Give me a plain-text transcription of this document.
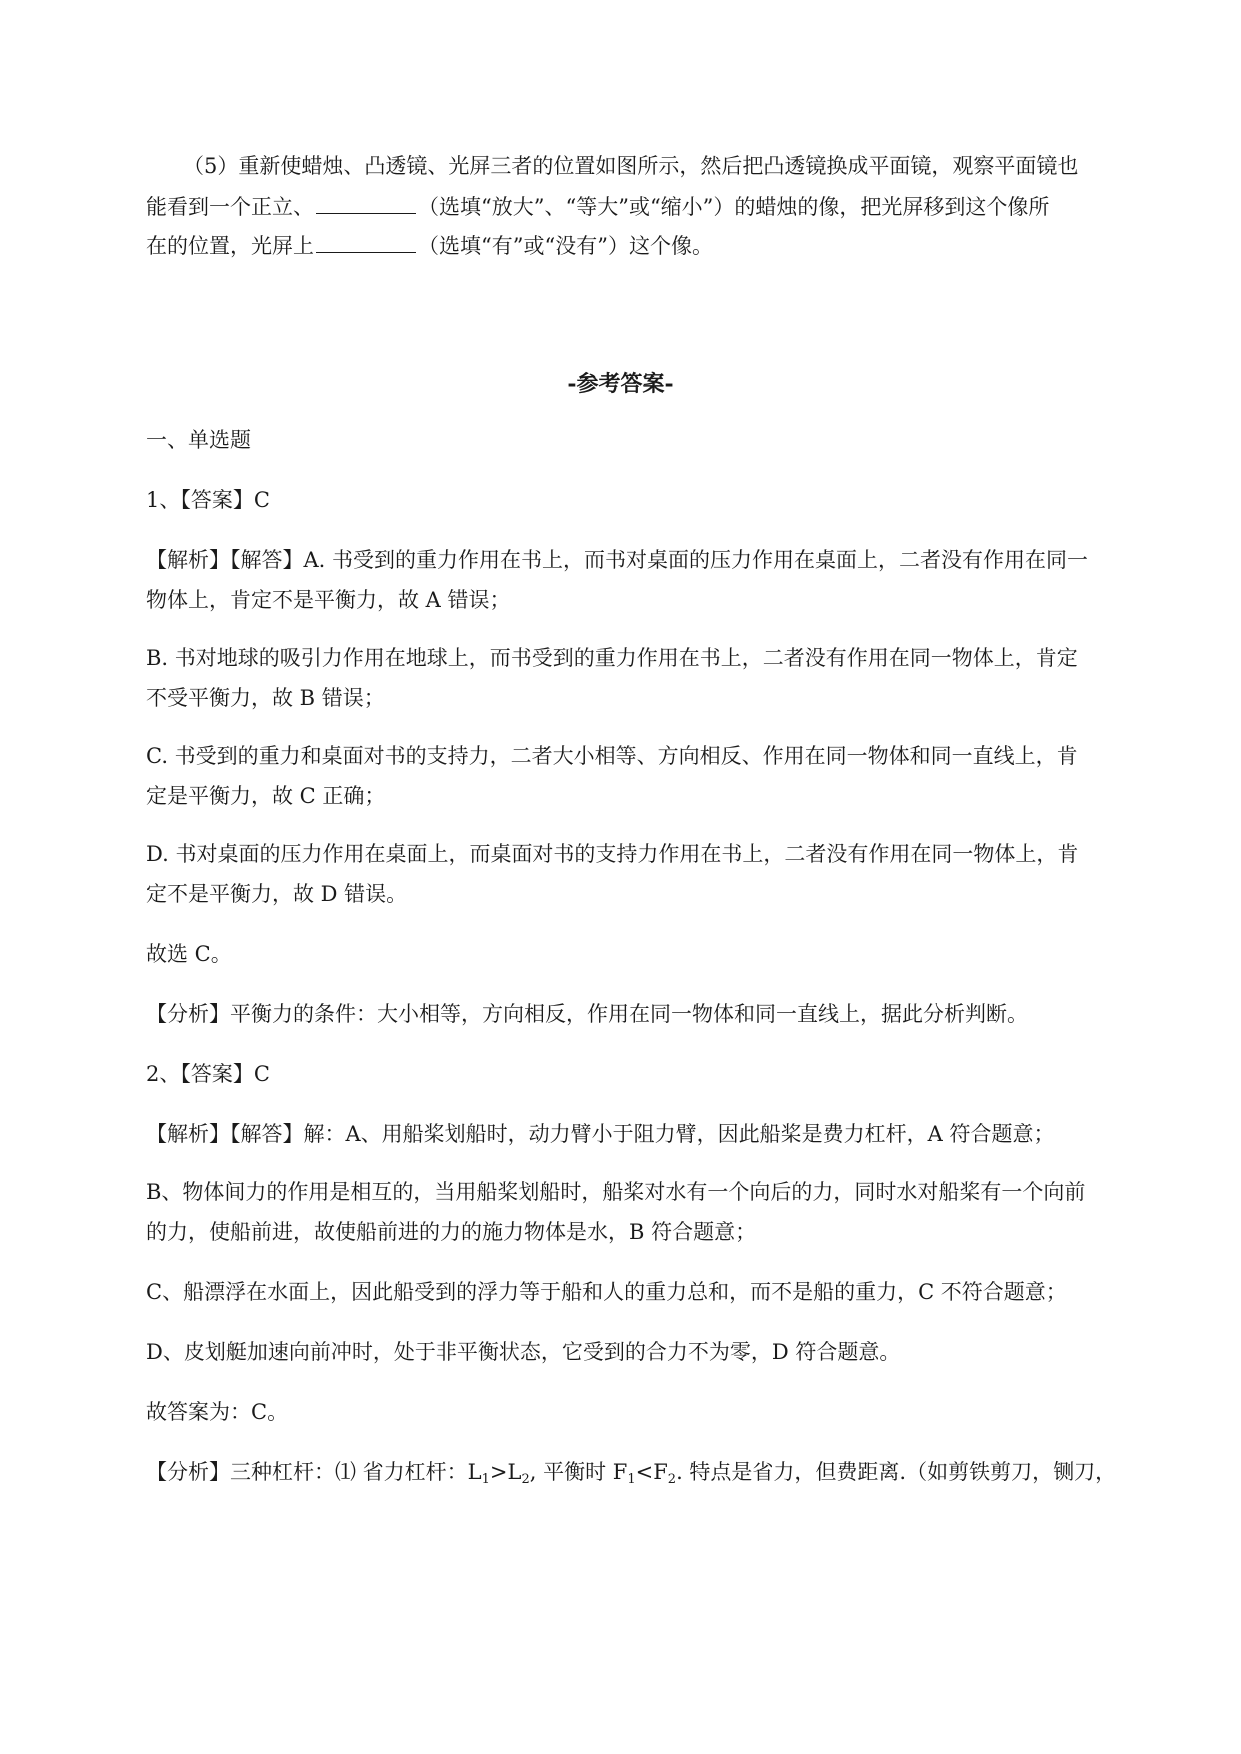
（5）重新使蜡烛、凸透镜、光屏三者的位置如图所示，然后把凸透镜换成平面镜，观察平面镜也

能看到一个正立、	（选填“放大”、“等大”或“缩小”）的蜡烛的像，把光屏移到这个像所

在的位置，光屏上	（选填“有”或“没有”）这个像。

-参考答案-

一、单选题

1、【答案】C

【解析】【解答】A. 书受到的重力作用在书上，而书对桌面的压力作用在桌面上，二者没有作用在同一

物体上，肯定不是平衡力，故 A 错误；

B. 书对地球的吸引力作用在地球上，而书受到的重力作用在书上，二者没有作用在同一物体上，肯定

不受平衡力，故 B 错误；

C. 书受到的重力和桌面对书的支持力，二者大小相等、方向相反、作用在同一物体和同一直线上，肯

定是平衡力，故 C 正确；

D. 书对桌面的压力作用在桌面上，而桌面对书的支持力作用在书上，二者没有作用在同一物体上，肯

定不是平衡力，故 D 错误。

故选 C。

【分析】平衡力的条件：大小相等，方向相反，作用在同一物体和同一直线上，据此分析判断。

2、【答案】C

【解析】【解答】解：A、用船桨划船时，动力臂小于阻力臂，因此船桨是费力杠杆，A 符合题意；

B、物体间力的作用是相互的，当用船桨划船时，船桨对水有一个向后的力，同时水对船桨有一个向前

的力，使船前进，故使船前进的力的施力物体是水，B 符合题意；

C、船漂浮在水面上，因此船受到的浮力等于船和人的重力总和，而不是船的重力，C 不符合题意；

D、皮划艇加速向前冲时，处于非平衡状态，它受到的合力不为零，D 符合题意。

故答案为：C。

【分析】三种杠杆：⑴ 省力杠杆：$L_1>L_2$, 平衡时 $F_1<F_2$. 特点是省力，但费距离.（如剪铁剪刀，铡刀，
